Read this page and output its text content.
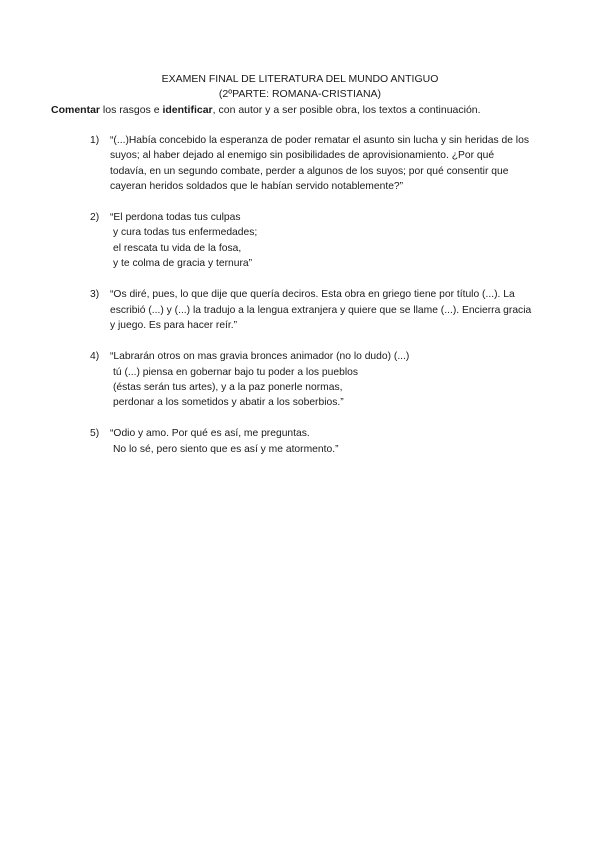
EXAMEN FINAL DE LITERATURA DEL MUNDO ANTIGUO
(2ºPARTE: ROMANA-CRISTIANA)
Comentar los rasgos e identificar, con autor y a ser posible obra, los textos a continuación.
1) “(...)Había concebido la esperanza de poder rematar el asunto sin lucha y sin heridas de los
suyos; al haber dejado al enemigo sin posibilidades de aprovisionamiento. ¿Por qué
todavía, en un segundo combate, perder a algunos de los suyos; por qué consentir que
cayeran heridos soldados que le habían servido notablemente?”
2) “El perdona todas tus culpas
y cura todas tus enfermedades;
el rescata tu vida de la fosa,
y te colma de gracia y ternura”
3) “Os diré, pues, lo que dije que quería deciros. Esta obra en griego tiene por título (...). La
escribió (...) y (...) la tradujo a la lengua extranjera y quiere que se llame (...). Encierra gracia
y juego. Es para hacer reír.”
4) “Labrarán otros on mas gravia bronces animador (no lo dudo) (...)
tú (...) piensa en gobernar bajo tu poder a los pueblos
(éstas serán tus artes), y a la paz ponerle normas,
perdonar a los sometidos y abatir a los soberbios.”
5) “Odio y amo. Por qué es así, me preguntas.
No lo sé, pero siento que es así y me atormento.”
